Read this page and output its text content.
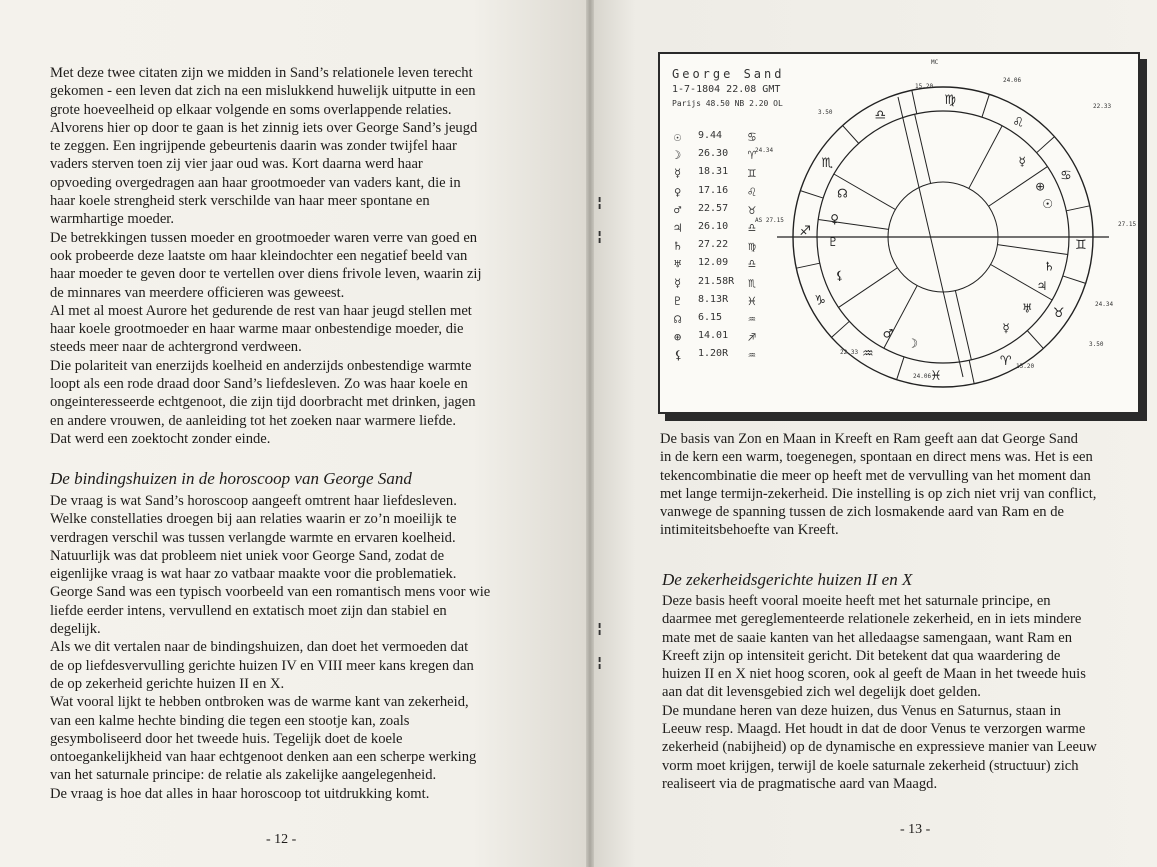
╏
╏
╏
╏
Met deze twee citaten zijn we midden in Sand’s relationele leven terecht
gekomen - een leven dat zich na een mislukkend huwelijk uitputte in een
grote hoeveelheid op elkaar volgende en soms overlappende relaties.
Alvorens hier op door te gaan is het zinnig iets over George Sand’s jeugd
te zeggen. Een ingrijpende gebeurtenis daarin was zonder twijfel haar
vaders sterven toen zij vier jaar oud was. Kort daarna werd haar
opvoeding overgedragen aan haar grootmoeder van vaders kant, die in
haar koele strengheid sterk verschilde van haar meer spontane en
warmhartige moeder.
De betrekkingen tussen moeder en grootmoeder waren verre van goed en
ook probeerde deze laatste om haar kleindochter een negatief beeld van
haar moeder te geven door te vertellen over diens frivole leven, waarin zij
de minnares van meerdere officieren was geweest.
Al met al moest Aurore het gedurende de rest van haar jeugd stellen met
haar koele grootmoeder en haar warme maar onbestendige moeder, die
steeds meer naar de achtergrond verdween.
Die polariteit van enerzijds koelheid en anderzijds onbestendige warmte
loopt als een rode draad door Sand’s liefdesleven. Zo was haar koele en
ongeinteresseerde echtgenoot, die zijn tijd doorbracht met drinken, jagen
en andere vrouwen, de aanleiding tot het zoeken naar warmere liefde.
Dat werd een zoektocht zonder einde.
De bindingshuizen in de horoscoop van George Sand
De vraag is wat Sand’s horoscoop aangeeft omtrent haar liefdesleven.
Welke constellaties droegen bij aan relaties waarin er zo’n moeilijk te
verdragen verschil was tussen verlangde warmte en ervaren koelheid.
Natuurlijk was dat probleem niet uniek voor George Sand, zodat de
eigenlijke vraag is wat haar zo vatbaar maakte voor die problematiek.
George Sand was een typisch voorbeeld van een romantisch mens voor wie
liefde eerder intens, vervullend en extatisch moet zijn dan stabiel en
degelijk.
Als we dit vertalen naar de bindingshuizen, dan doet het vermoeden dat
de op liefdesvervulling gerichte huizen IV en VIII meer kans kregen dan
de op zekerheid gerichte huizen II en X.
Wat vooral lijkt te hebben ontbroken was de warme kant van zekerheid,
van een kalme hechte binding die tegen een stootje kan, zoals
gesymboliseerd door het tweede huis. Tegelijk doet de koele
ontoegankelijkheid van haar echtgenoot denken aan een scherpe werking
van het saturnale principe: de relatie als zakelijke aangelegenheid.
De vraag is hoe dat alles in haar horoscoop tot uitdrukking komt.
- 12 -
George Sand
1-7-1804 22.08 GMT
Parijs 48.50 NB 2.20 OL
☉	9.44 ♋
☽	26.30 ♈
☿	18.31 ♊
♀	17.16 ♌
♂	22.57 ♉
♃	26.10 ♎
♄	27.22 ♍
♅	12.09 ♎
☿	21.58R ♏
♇	8.13R ♓
☊	6.15 ♒
⊕	14.01 ♐
⚸	1.20R ♒
♍
♎
♏
♐
♑
♒
♓
♈
♉
♊
♋
♌
MC
15.20
24.06
22.33
27.15
24.34
3.50
15.20
24.06
22.33
AS 27.15
24.34
3.50
☉
☽
☿
♀
♂
♃
♄
♅
☿
♇
☊	⊕
⚸
De basis van Zon en Maan in Kreeft en Ram geeft aan dat George Sand
in de kern een warm, toegenegen, spontaan en direct mens was. Het is een
tekencombinatie die meer op heeft met de vervulling van het moment dan
met lange termijn-zekerheid. Die instelling is op zich niet vrij van conflict,
vanwege de spanning tussen de zich losmakende aard van Ram en de
intimiteitsbehoefte van Kreeft.
De zekerheidsgerichte huizen II en X
Deze basis heeft vooral moeite heeft met het saturnale principe, en
daarmee met gereglementeerde relationele zekerheid, en in iets mindere
mate met de saaie kanten van het alledaagse samengaan, want Ram en
Kreeft zijn op intensiteit gericht. Dit betekent dat qua waardering de
huizen II en X niet hoog scoren, ook al geeft de Maan in het tweede huis
aan dat dit levensgebied zich wel degelijk doet gelden.
De mundane heren van deze huizen, dus Venus en Saturnus, staan in
Leeuw resp. Maagd. Het houdt in dat de door Venus te verzorgen warme
zekerheid (nabijheid) op de dynamische en expressieve manier van Leeuw
vorm moet krijgen, terwijl de koele saturnale zekerheid (structuur) zich
realiseert via de pragmatische aard van Maagd.
- 13 -
